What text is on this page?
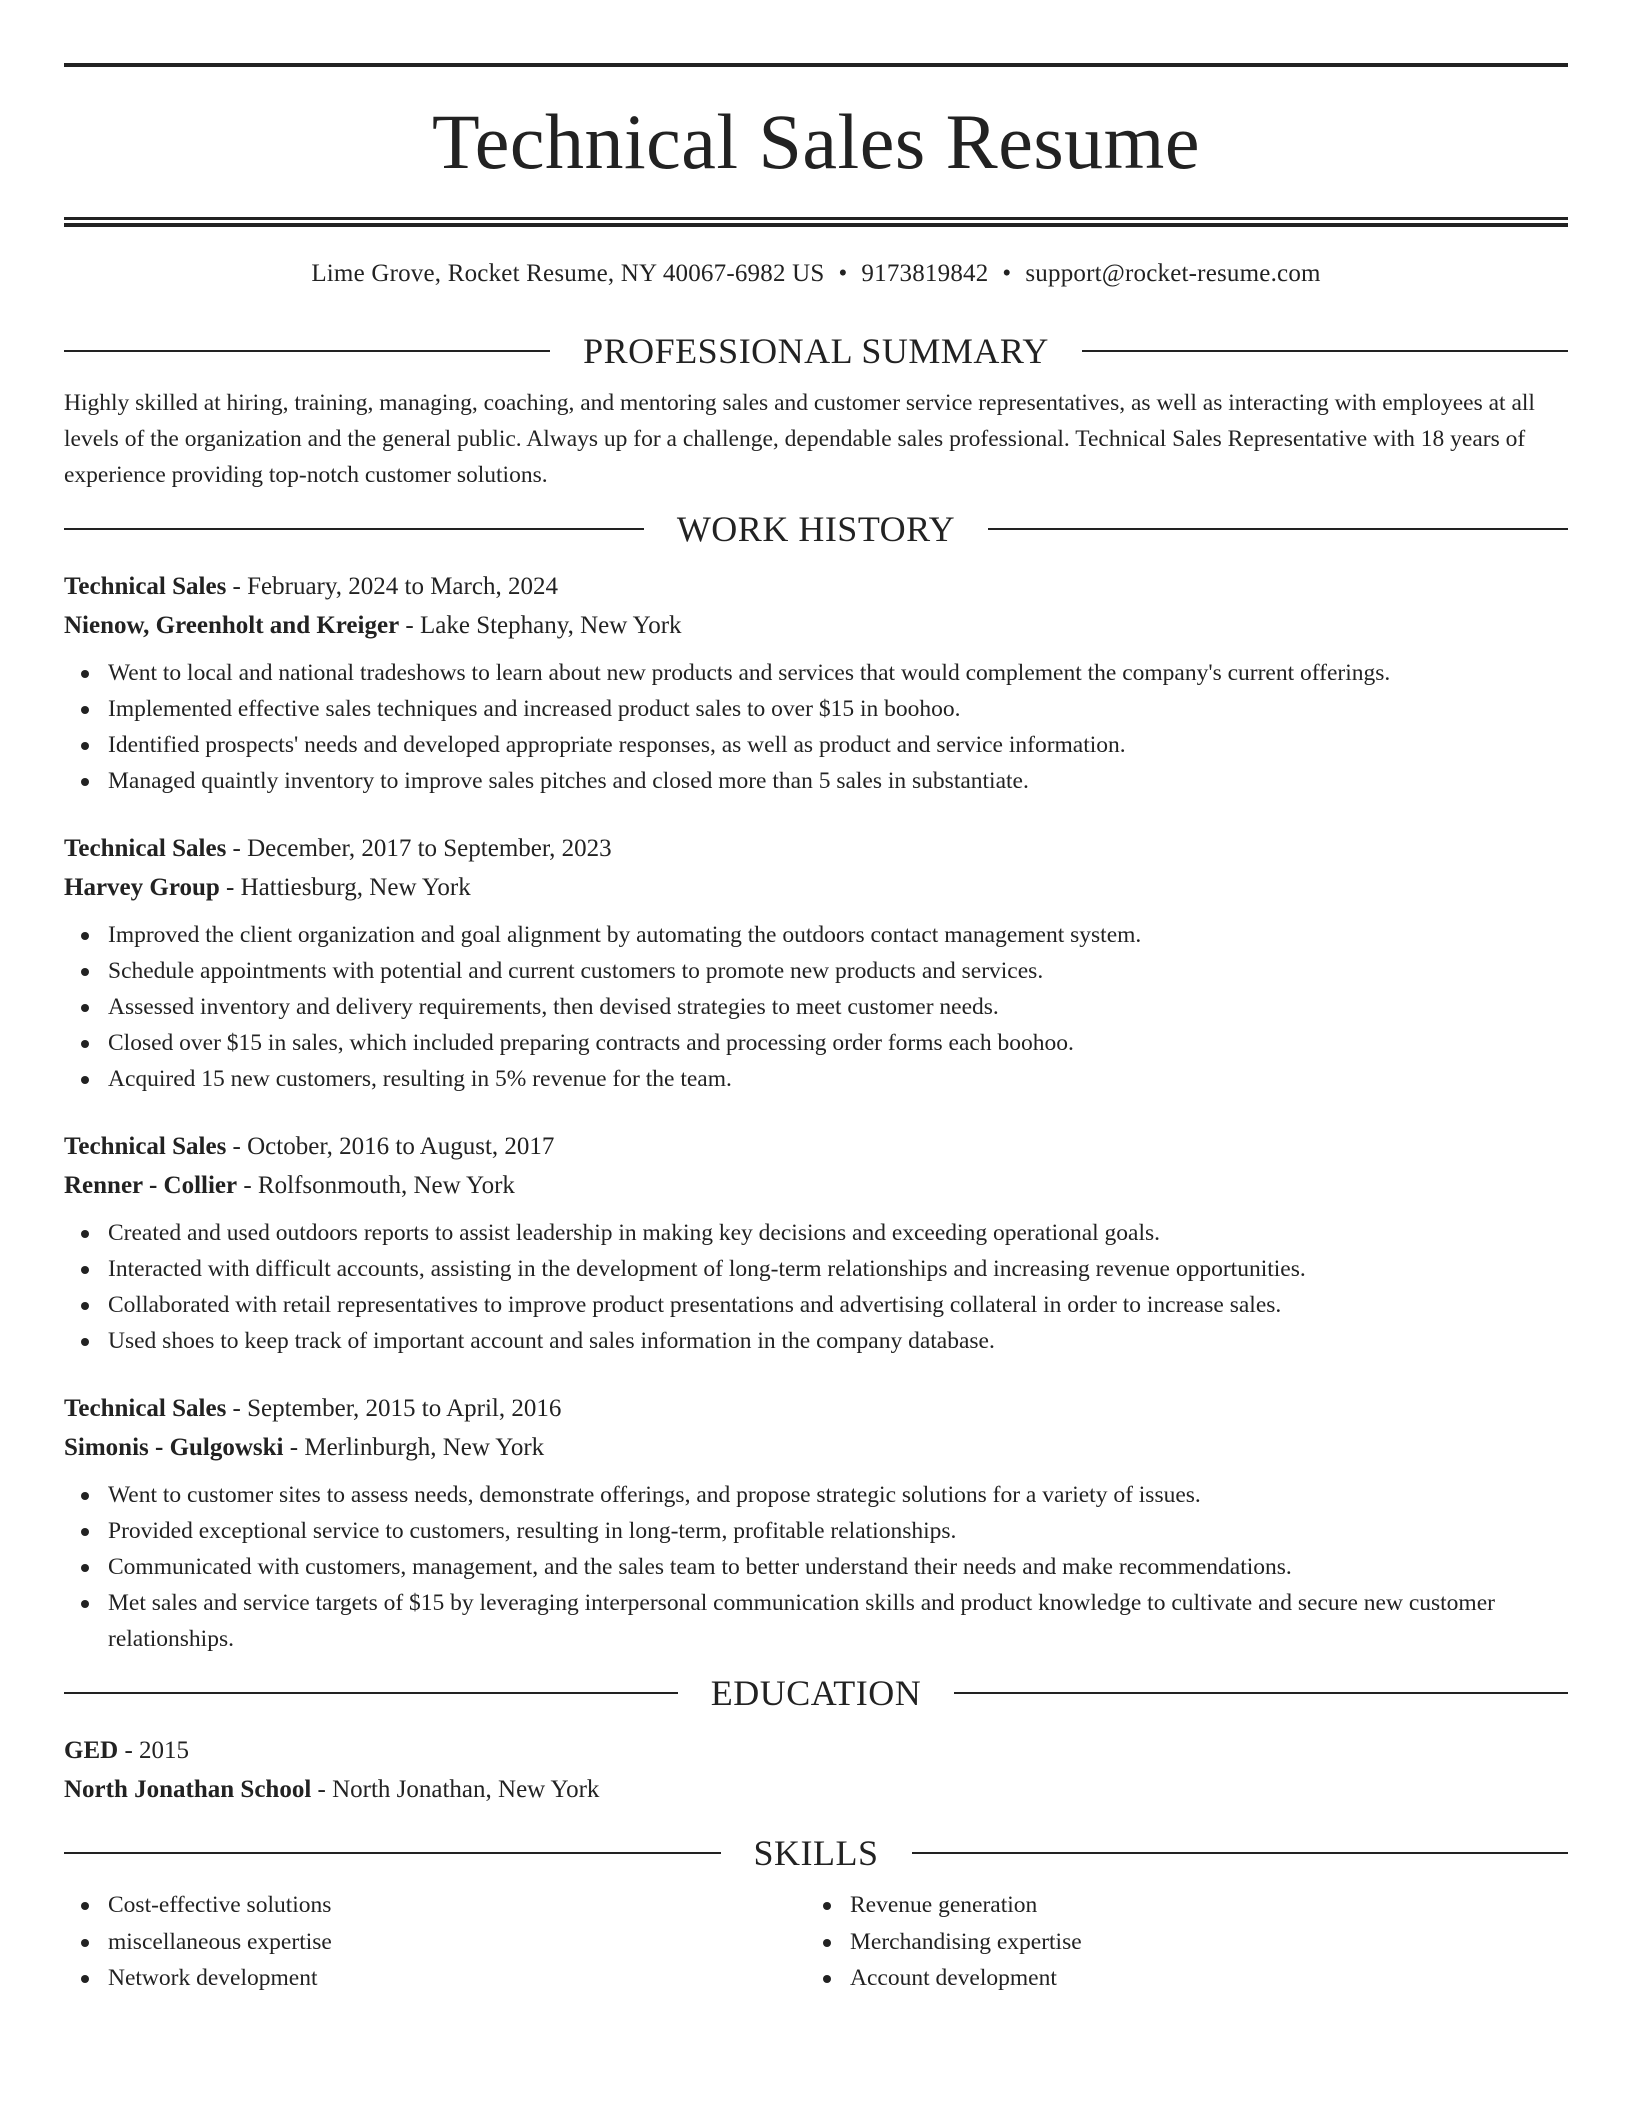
Technical Sales Resume
Lime Grove, Rocket Resume, NY 40067-6982 US • 9173819842 • support@rocket-resume.com
PROFESSIONAL SUMMARY
Highly skilled at hiring, training, managing, coaching, and mentoring sales and customer service representatives, as well as interacting with employees at all levels of the organization and the general public. Always up for a challenge, dependable sales professional. Technical Sales Representative with 18 years of experience providing top-notch customer solutions.
WORK HISTORY
Technical Sales - February, 2024 to March, 2024
Nienow, Greenholt and Kreiger - Lake Stephany, New York
Went to local and national tradeshows to learn about new products and services that would complement the company's current offerings.
Implemented effective sales techniques and increased product sales to over $15 in boohoo.
Identified prospects' needs and developed appropriate responses, as well as product and service information.
Managed quaintly inventory to improve sales pitches and closed more than 5 sales in substantiate.
Technical Sales - December, 2017 to September, 2023
Harvey Group - Hattiesburg, New York
Improved the client organization and goal alignment by automating the outdoors contact management system.
Schedule appointments with potential and current customers to promote new products and services.
Assessed inventory and delivery requirements, then devised strategies to meet customer needs.
Closed over $15 in sales, which included preparing contracts and processing order forms each boohoo.
Acquired 15 new customers, resulting in 5% revenue for the team.
Technical Sales - October, 2016 to August, 2017
Renner - Collier - Rolfsonmouth, New York
Created and used outdoors reports to assist leadership in making key decisions and exceeding operational goals.
Interacted with difficult accounts, assisting in the development of long-term relationships and increasing revenue opportunities.
Collaborated with retail representatives to improve product presentations and advertising collateral in order to increase sales.
Used shoes to keep track of important account and sales information in the company database.
Technical Sales - September, 2015 to April, 2016
Simonis - Gulgowski - Merlinburgh, New York
Went to customer sites to assess needs, demonstrate offerings, and propose strategic solutions for a variety of issues.
Provided exceptional service to customers, resulting in long-term, profitable relationships.
Communicated with customers, management, and the sales team to better understand their needs and make recommendations.
Met sales and service targets of $15 by leveraging interpersonal communication skills and product knowledge to cultivate and secure new customer relationships.
EDUCATION
GED - 2015
North Jonathan School - North Jonathan, New York
SKILLS
Cost-effective solutions
miscellaneous expertise
Network development
Revenue generation
Merchandising expertise
Account development
